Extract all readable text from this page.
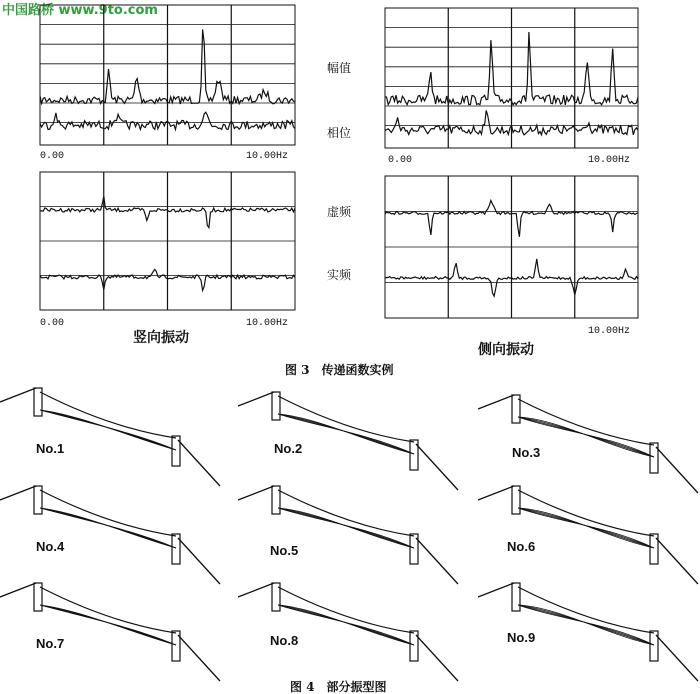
中国路桥 www.9to.com
幅值
相位
虚频
实频
0.00	10.00Hz	0.00	10.00Hz
0.00	10.00Hz
10.00Hz
竖向振动
侧向振动
图 3　传递函数实例
No.1	No.2	No.3
No.4	No.5	No.6
No.7	No.8	No.9
图 4　部分振型图
